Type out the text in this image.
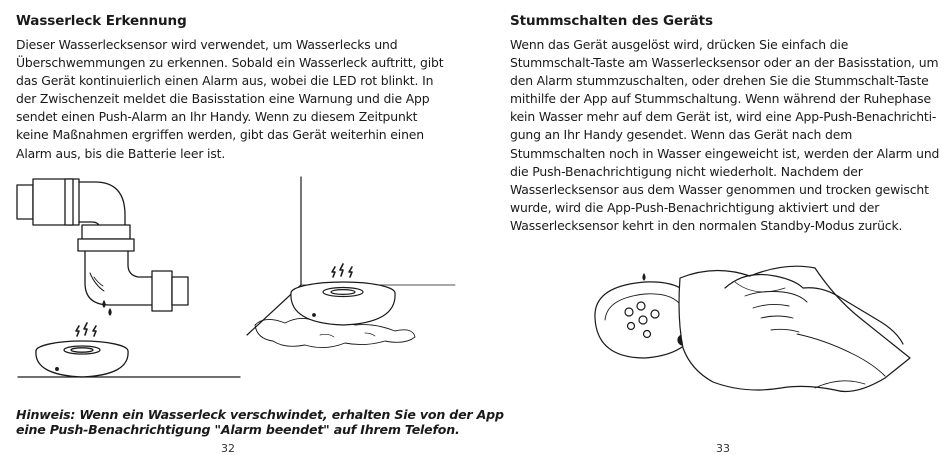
Wasserleck Erkennung
Dieser Wasserlecksensor wird verwendet, um Wasserlecks und
Überschwemmungen zu erkennen. Sobald ein Wasserleck auftritt, gibt
das Gerät kontinuierlich einen Alarm aus, wobei die LED rot blinkt. In
der Zwischenzeit meldet die Basisstation eine Warnung und die App
sendet einen Push-Alarm an Ihr Handy. Wenn zu diesem Zeitpunkt
keine Maßnahmen ergriffen werden, gibt das Gerät weiterhin einen
Alarm aus, bis die Batterie leer ist.
Hinweis: Wenn ein Wasserleck verschwindet, erhalten Sie von der App
eine Push-Benachrichtigung "Alarm beendet" auf Ihrem Telefon.
32
Stummschalten des Geräts
Wenn das Gerät ausgelöst wird, drücken Sie einfach die
Stummschalt-Taste am Wasserlecksensor oder an der Basisstation, um
den Alarm stummzuschalten, oder drehen Sie die Stummschalt-Taste
mithilfe der App auf Stummschaltung. Wenn während der Ruhephase
kein Wasser mehr auf dem Gerät ist, wird eine App-Push-Benachrichti-
gung an Ihr Handy gesendet. Wenn das Gerät nach dem
Stummschalten noch in Wasser eingeweicht ist, werden der Alarm und
die Push-Benachrichtigung nicht wiederholt. Nachdem der
Wasserlecksensor aus dem Wasser genommen und trocken gewischt
wurde, wird die App-Push-Benachrichtigung aktiviert und der
Wasserlecksensor kehrt in den normalen Standby-Modus zurück.
33
